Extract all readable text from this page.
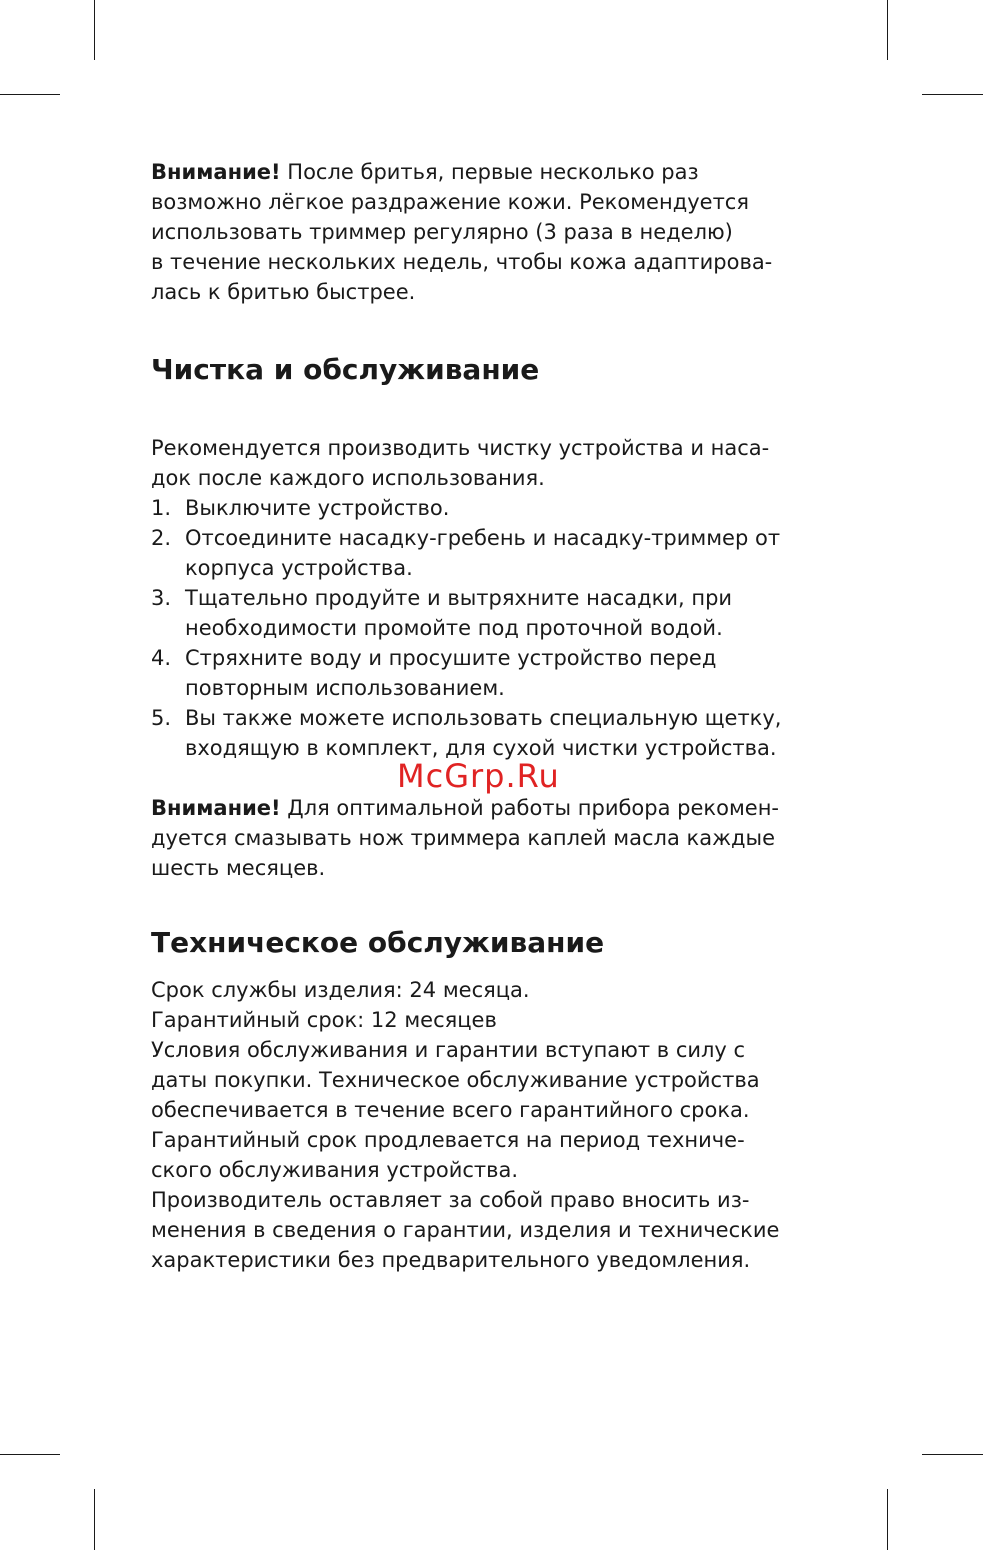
Внимание! После бритья, первые несколько раз
возможно лёгкое раздражение кожи. Рекомендуется
использовать триммер регулярно (3 раза в неделю)
в течение нескольких недель, чтобы кожа адаптирова-
лась к бритью быстрее.

Чистка и обслуживание

Рекомендуется производить чистку устройства и наса-
док после каждого использования.

1. Выключите устройство.
2. Отсоедините насадку-гребень и насадку-триммер от
корпуса устройства.
3. Тщательно продуйте и вытряхните насадки, при
необходимости промойте под проточной водой.
4. Стряхните воду и просушите устройство перед
повторным использованием.
5. Вы также можете использовать специальную щетку,
входящую в комплект, для сухой чистки устройства.

Внимание! Для оптимальной работы прибора рекомен-
дуется смазывать нож триммера каплей масла каждые
шесть месяцев.

Техническое обслуживание

Срок службы изделия: 24 месяца.
Гарантийный срок: 12 месяцев
Условия обслуживания и гарантии вступают в силу с
даты покупки. Техническое обслуживание устройства
обеспечивается в течение всего гарантийного срока.
Гарантийный срок продлевается на период техниче-
ского обслуживания устройства.
Производитель оставляет за собой право вносить из-
менения в сведения о гарантии, изделия и технические
характеристики без предварительного уведомления.

McGrp.Ru
